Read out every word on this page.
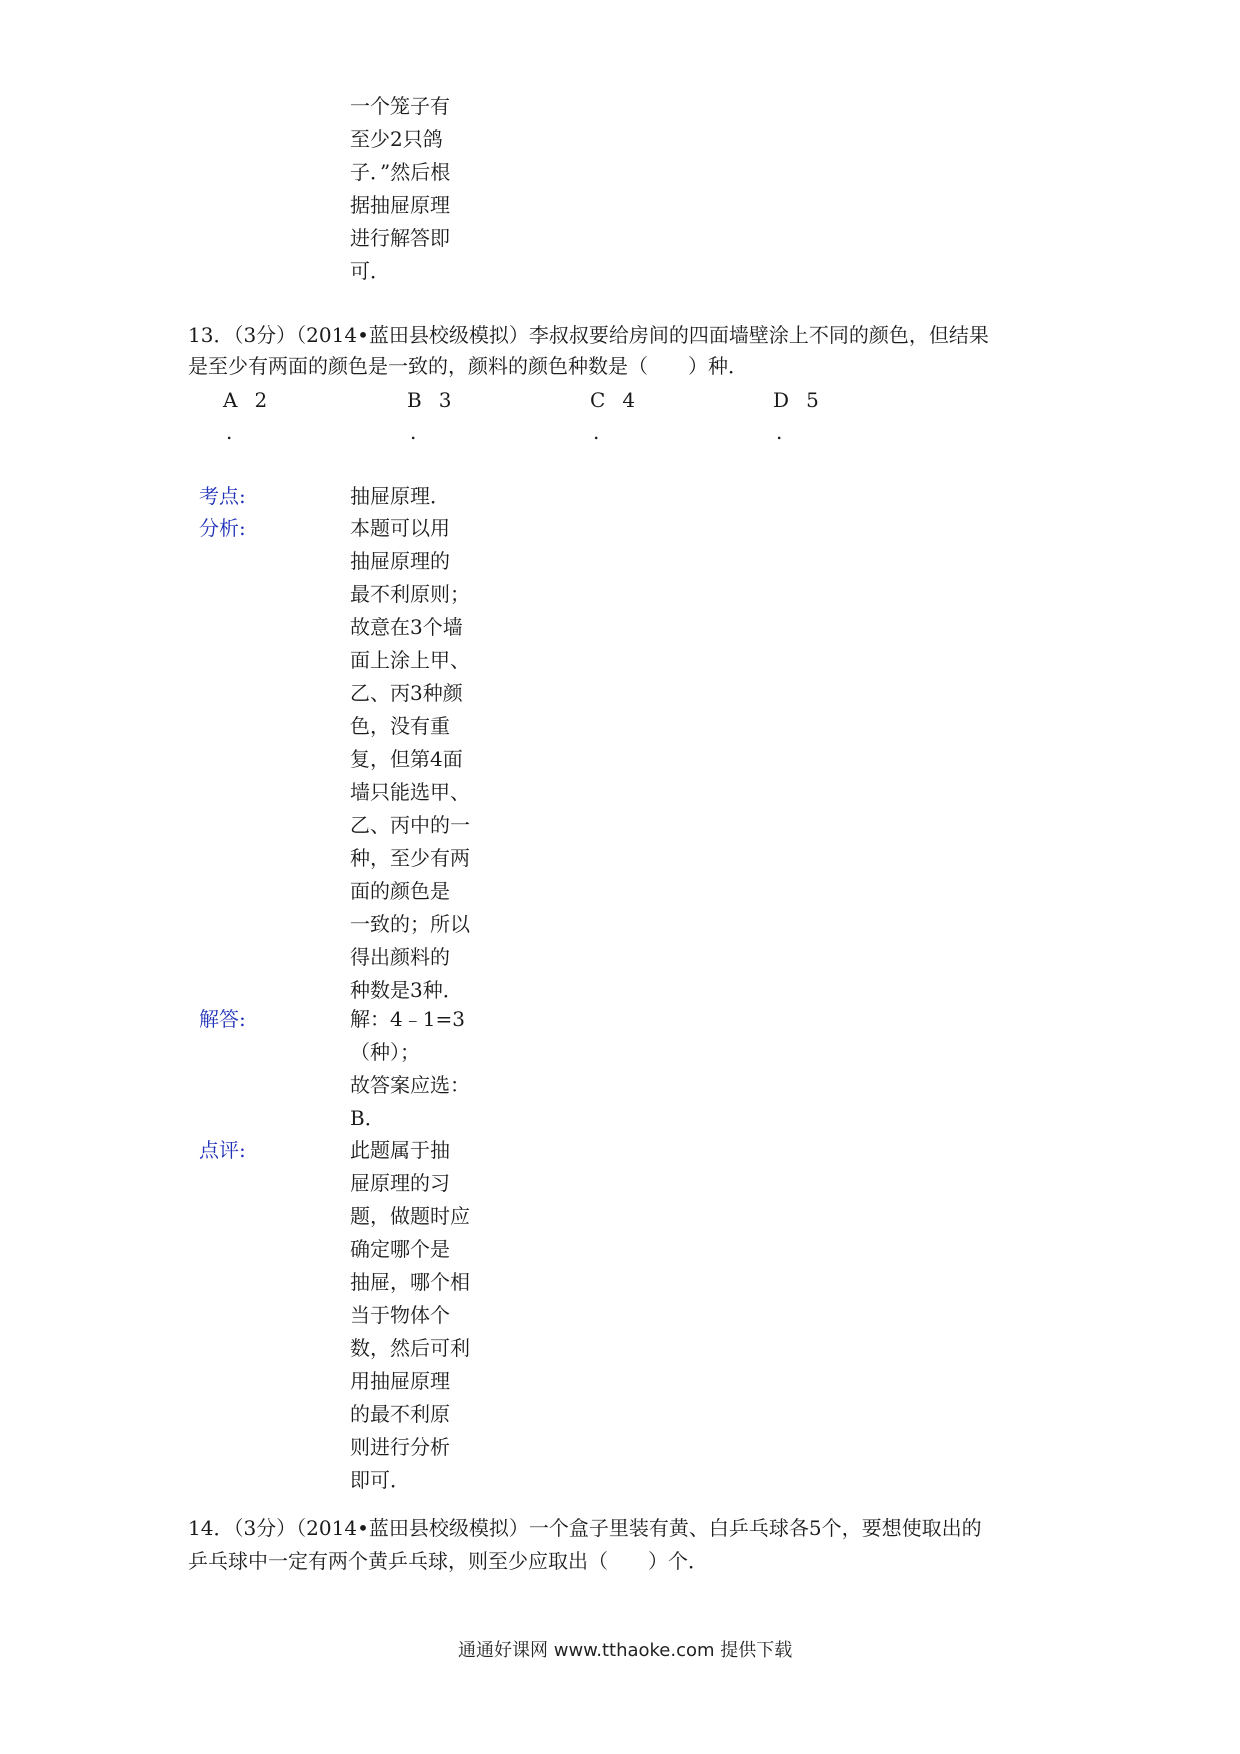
一个笼子有
至少2只鸽
子．”然后根
据抽屉原理
进行解答即
可．
13．（3分）（2014•蓝田县校级模拟）李叔叔要给房间的四面墙壁涂上不同的颜色，但结果
是至少有两面的颜色是一致的，颜料的颜色种数是（　　）种．
A 2
.
B 3
.
C 4
.
D 5
.
考点:	抽屉原理．
分析:	本题可以用
抽屉原理的
最不利原则；
故意在3个墙
面上涂上甲、
乙、丙3种颜
色，没有重
复，但第4面
墙只能选甲、
乙、丙中的一
种，至少有两
面的颜色是
一致的；所以
得出颜料的
种数是3种．
解答:	解：4﹣1=3
（种）；
故答案应选：
B．
点评:	此题属于抽
屉原理的习
题，做题时应
确定哪个是
抽屉，哪个相
当于物体个
数，然后可利
用抽屉原理
的最不利原
则进行分析
即可．
14．（3分）（2014•蓝田县校级模拟）一个盒子里装有黄、白乒乓球各5个，要想使取出的
乒乓球中一定有两个黄乒乓球，则至少应取出（　　）个．
通通好课网 www.tthaoke.com 提供下载
